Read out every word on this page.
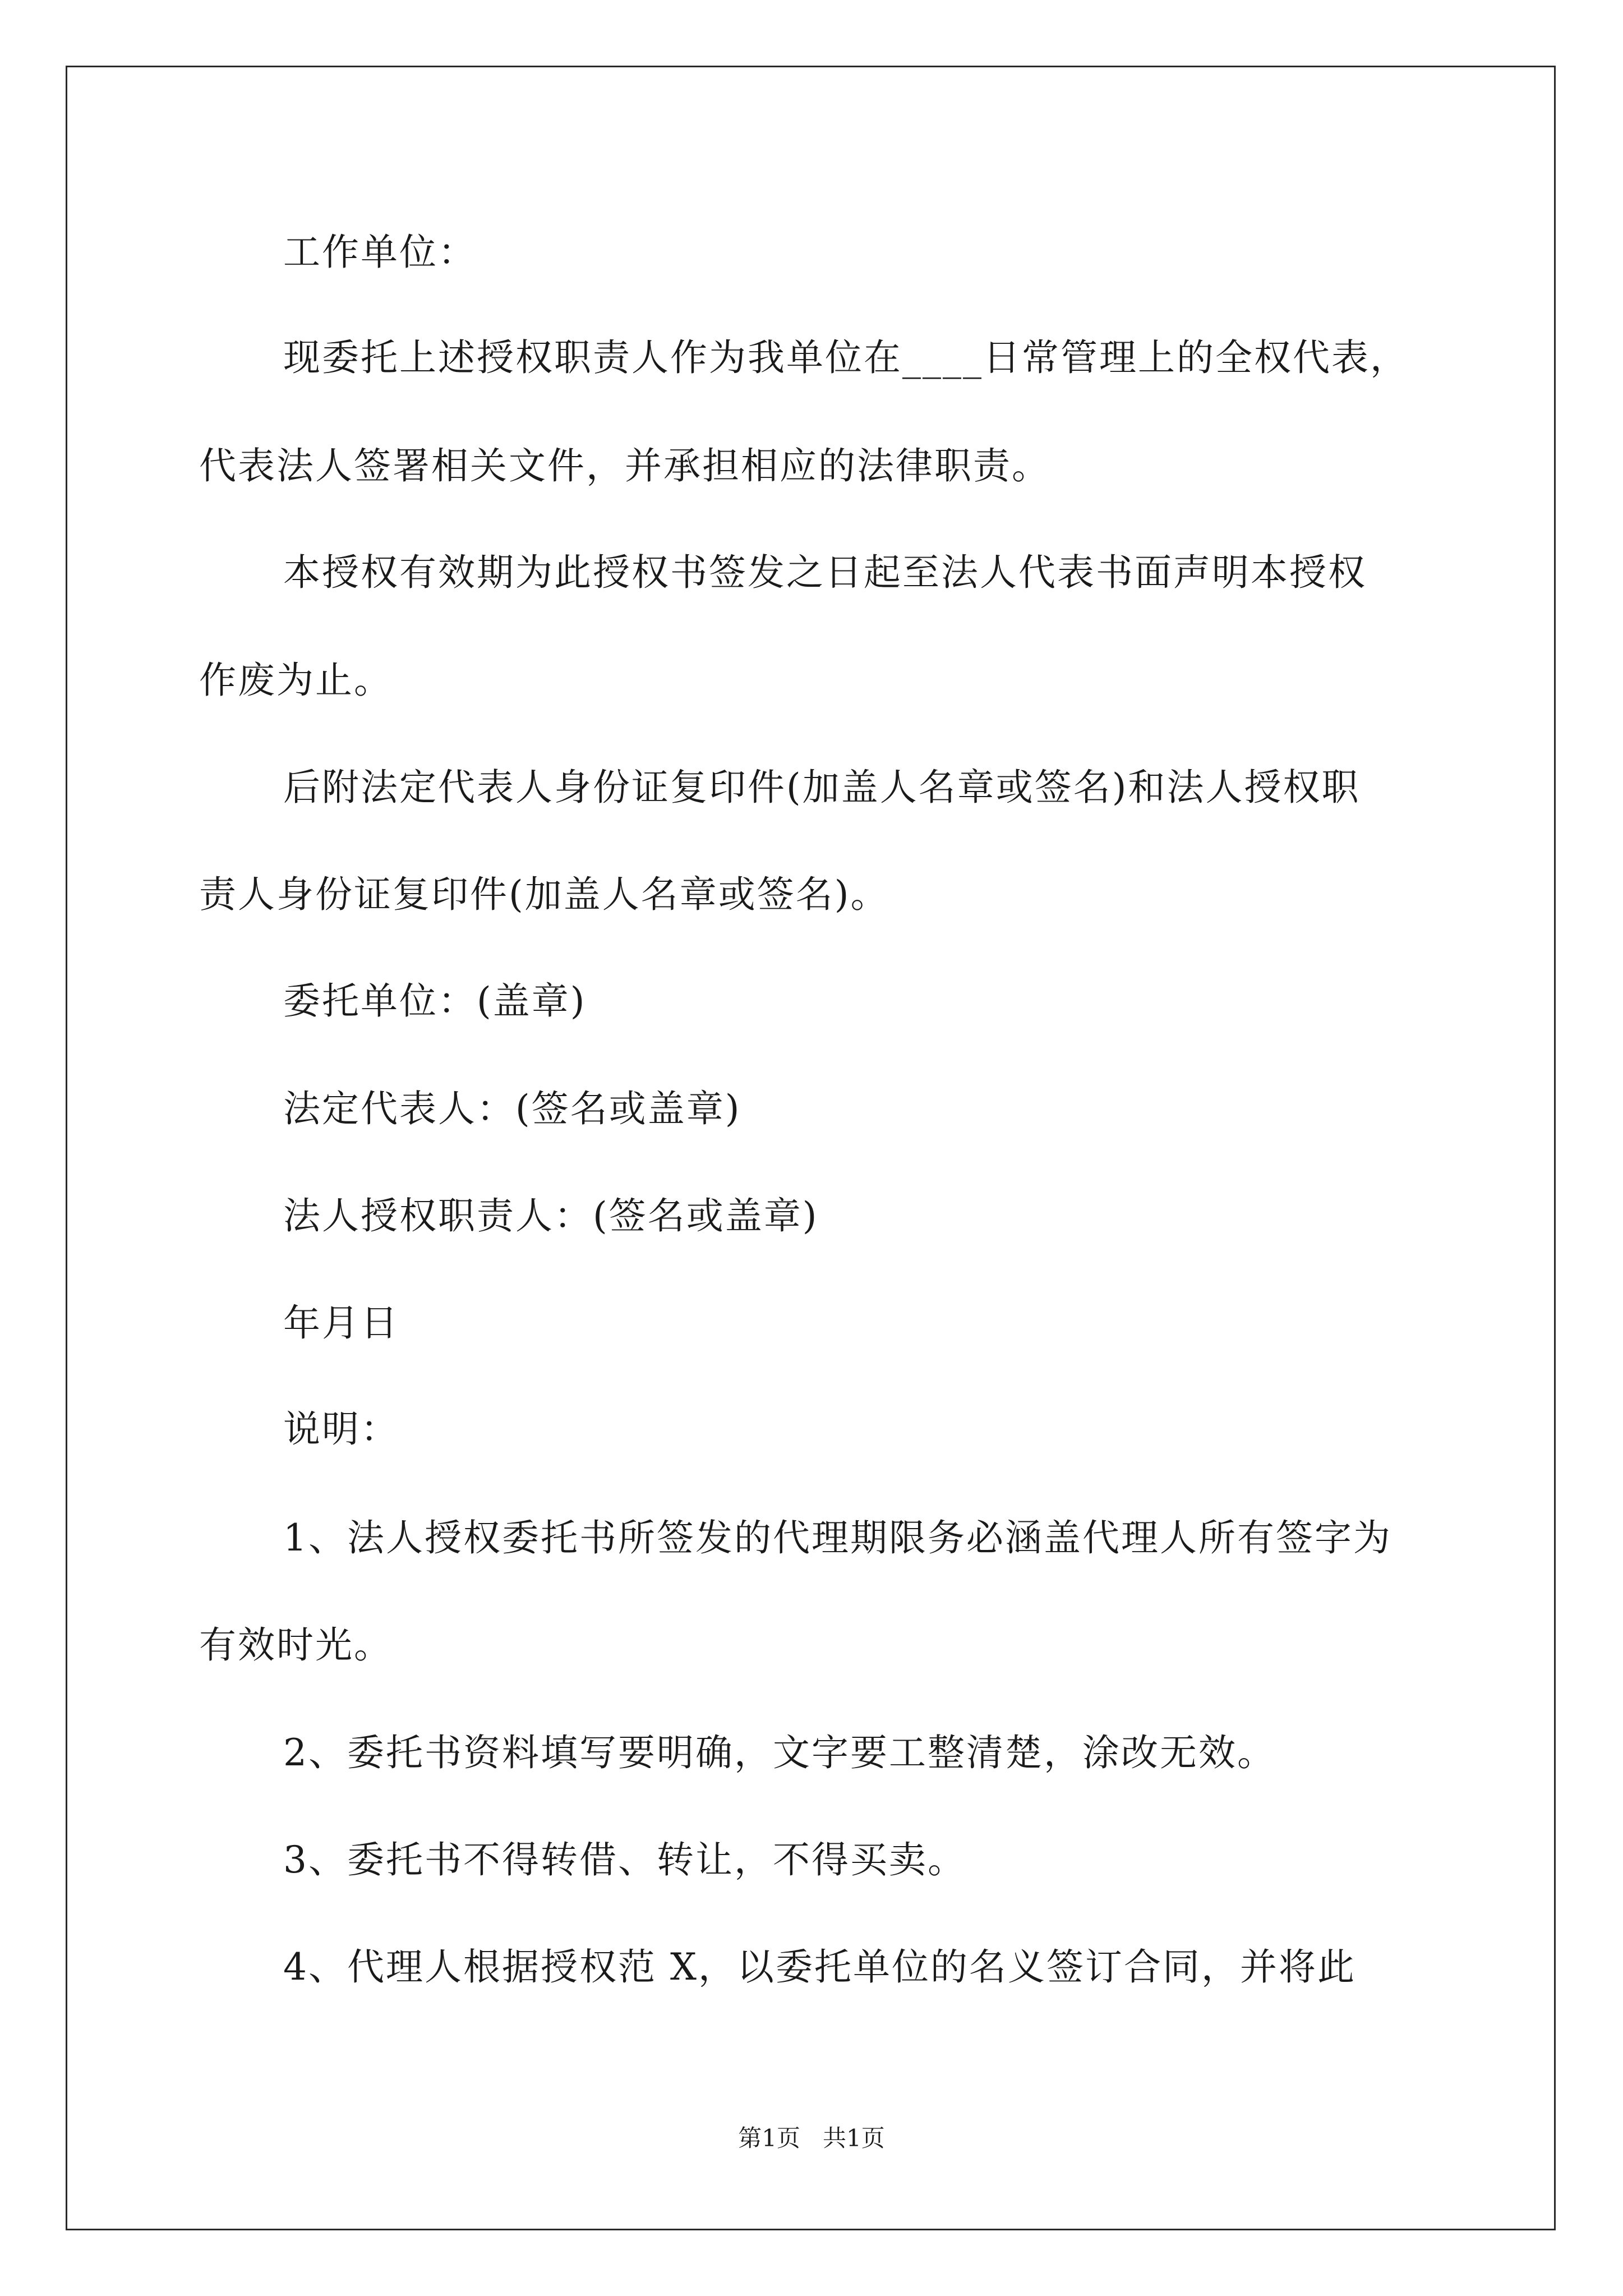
工作单位：
现委托上述授权职责人作为我单位在____日常管理上的全权代表，
代表法人签署相关文件，并承担相应的法律职责。
本授权有效期为此授权书签发之日起至法人代表书面声明本授权
作废为止。
后附法定代表人身份证复印件(加盖人名章或签名)和法人授权职
责人身份证复印件(加盖人名章或签名)。
委托单位：(盖章)
法定代表人：(签名或盖章)
法人授权职责人：(签名或盖章)
年月日
说明：
1、法人授权委托书所签发的代理期限务必涵盖代理人所有签字为
有效时光。
2、委托书资料填写要明确，文字要工整清楚，涂改无效。
3、委托书不得转借、转让，不得买卖。
4、代理人根据授权范 X，以委托单位的名义签订合同，并将此
第1页   共1页
